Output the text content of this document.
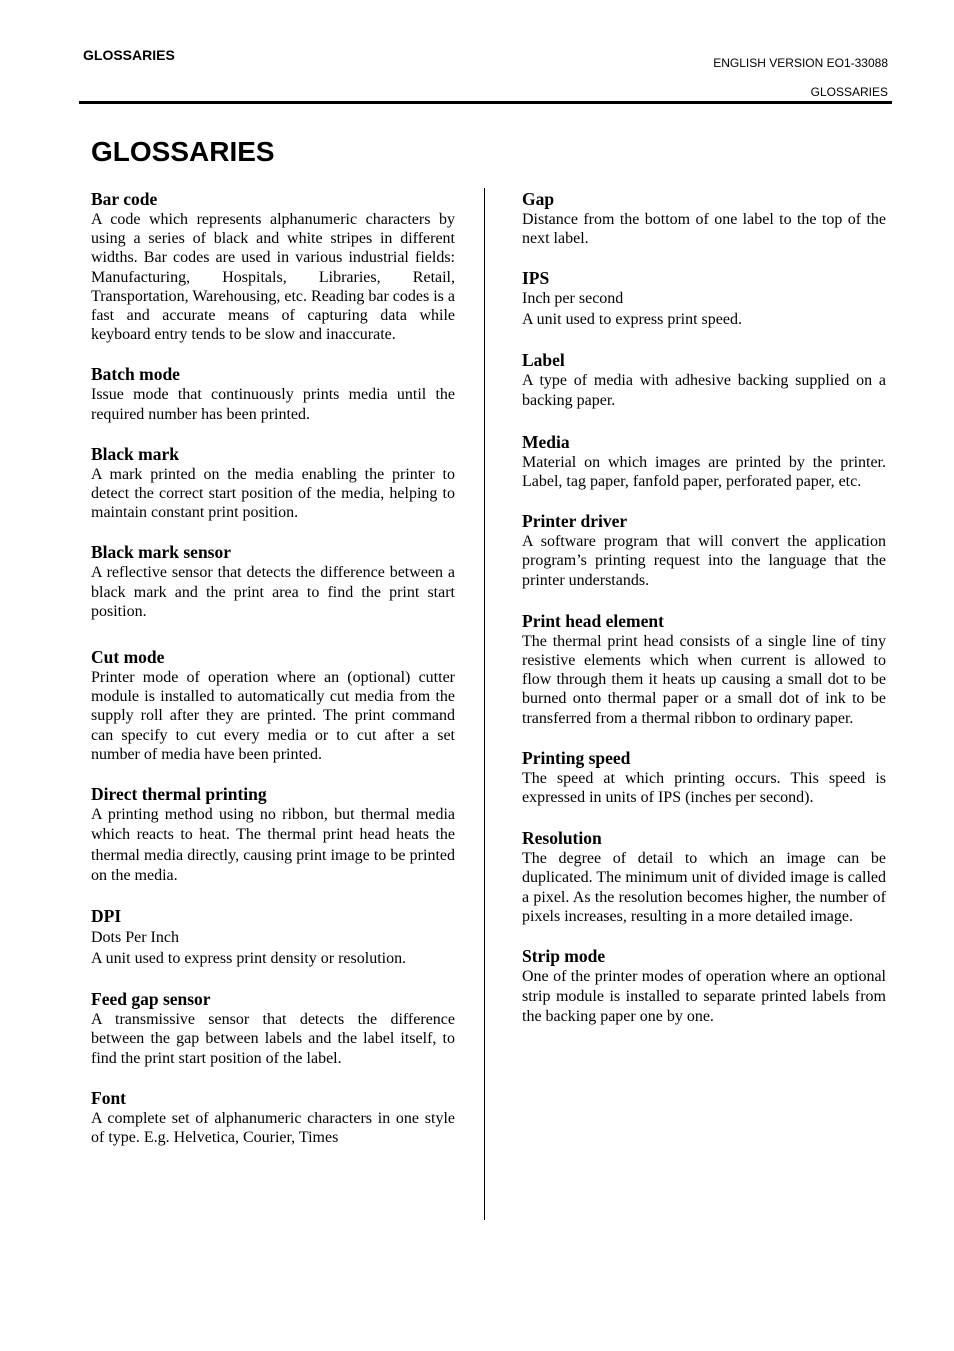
GLOSSARIES	ENGLISH VERSION EO1-33088
GLOSSARIES
GLOSSARIES
Bar code
A code which represents alphanumeric characters by using a series of black and white stripes in different widths. Bar codes are used in various industrial fields: Manufacturing, Hospitals, Libraries, Retail, Transportation, Warehousing, etc. Reading bar codes is a fast and accurate means of capturing data while keyboard entry tends to be slow and inaccurate.
Batch mode
Issue mode that continuously prints media until the required number has been printed.
Black mark
A mark printed on the media enabling the printer to detect the correct start position of the media, helping to maintain constant print position.
Black mark sensor
A reflective sensor that detects the difference between a black mark and the print area to find the print start position.
Cut mode
Printer mode of operation where an (optional) cutter module is installed to automatically cut media from the supply roll after they are printed. The print command can specify to cut every media or to cut after a set number of media have been printed.
Direct thermal printing
A printing method using no ribbon, but thermal media which reacts to heat. The thermal print head heats the thermal media directly, causing print image to be printed on the media.
DPI
Dots Per Inch
A unit used to express print density or resolution.
Feed gap sensor
A transmissive sensor that detects the difference between the gap between labels and the label itself, to find the print start position of the label.
Font
A complete set of alphanumeric characters in one style of type. E.g. Helvetica, Courier, Times
Gap
Distance from the bottom of one label to the top of the next label.
IPS
Inch per second
A unit used to express print speed.
Label
A type of media with adhesive backing supplied on a backing paper.
Media
Material on which images are printed by the printer. Label, tag paper, fanfold paper, perforated paper, etc.
Printer driver
A software program that will convert the application program’s printing request into the language that the printer understands.
Print head element
The thermal print head consists of a single line of tiny resistive elements which when current is allowed to flow through them it heats up causing a small dot to be burned onto thermal paper or a small dot of ink to be transferred from a thermal ribbon to ordinary paper.
Printing speed
The speed at which printing occurs. This speed is expressed in units of IPS (inches per second).
Resolution
The degree of detail to which an image can be duplicated. The minimum unit of divided image is called a pixel. As the resolution becomes higher, the number of pixels increases, resulting in a more detailed image.
Strip mode
One of the printer modes of operation where an optional strip module is installed to separate printed labels from the backing paper one by one.
